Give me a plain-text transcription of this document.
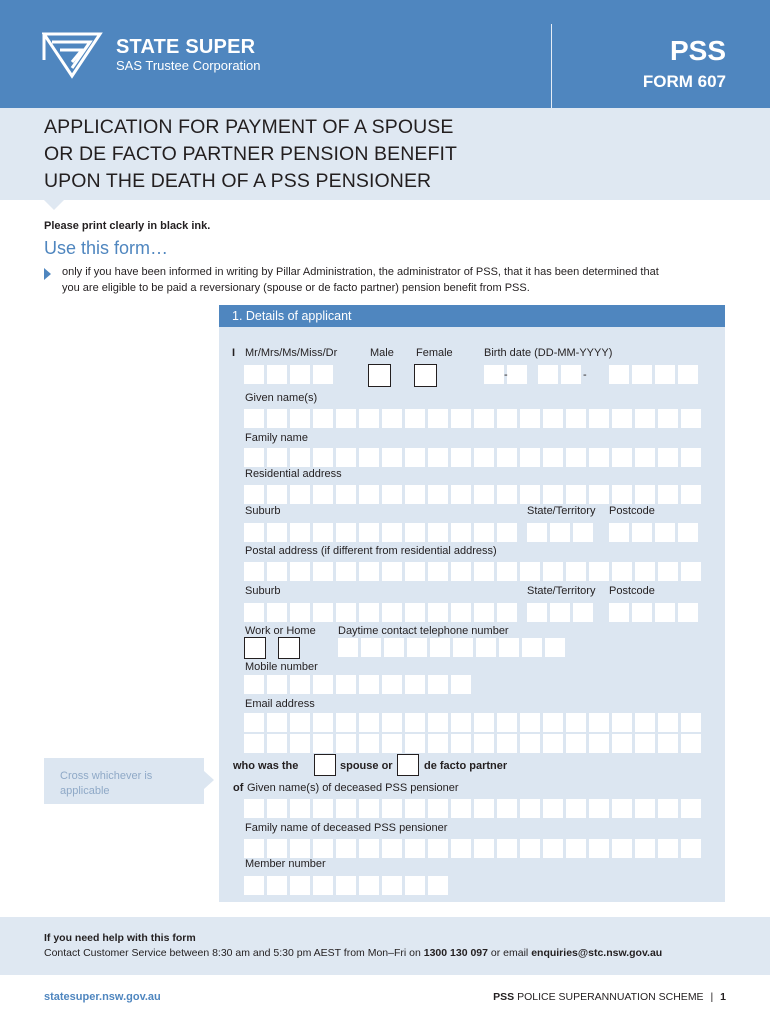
STATE SUPER
SAS Trustee Corporation	PSS
FORM 607
APPLICATION FOR PAYMENT OF A SPOUSE
OR DE FACTO PARTNER PENSION BENEFIT
UPON THE DEATH OF A PSS PENSIONER
Please print clearly in black ink.
Use this form…
only if you have been informed in writing by Pillar Administration, the administrator of PSS, that it has been determined that
you are eligible to be paid a reversionary (spouse or de facto partner) pension benefit from PSS.
1. Details of applicant
I Mr/Mrs/Ms/Miss/Dr	Male Female	Birth date (DD-MM-YYYY)
-	-
Given name(s)
Family name
Residential address
Suburb	State/Territory Postcode
Postal address (if different from residential address)
Suburb	State/Territory Postcode
Work or Home Daytime contact telephone number
Mobile number
Email address
who was the	spouse or	de facto partner
of Given name(s) of deceased PSS pensioner
Family name of deceased PSS pensioner
Member number
Cross whichever is
applicable
If you need help with this form
Contact Customer Service between 8:30 am and 5:30 pm AEST from Mon–Fri on 1300 130 097 or email enquiries@stc.nsw.gov.au
statesuper.nsw.gov.au	PSS POLICE SUPERANNUATION SCHEME | 1
